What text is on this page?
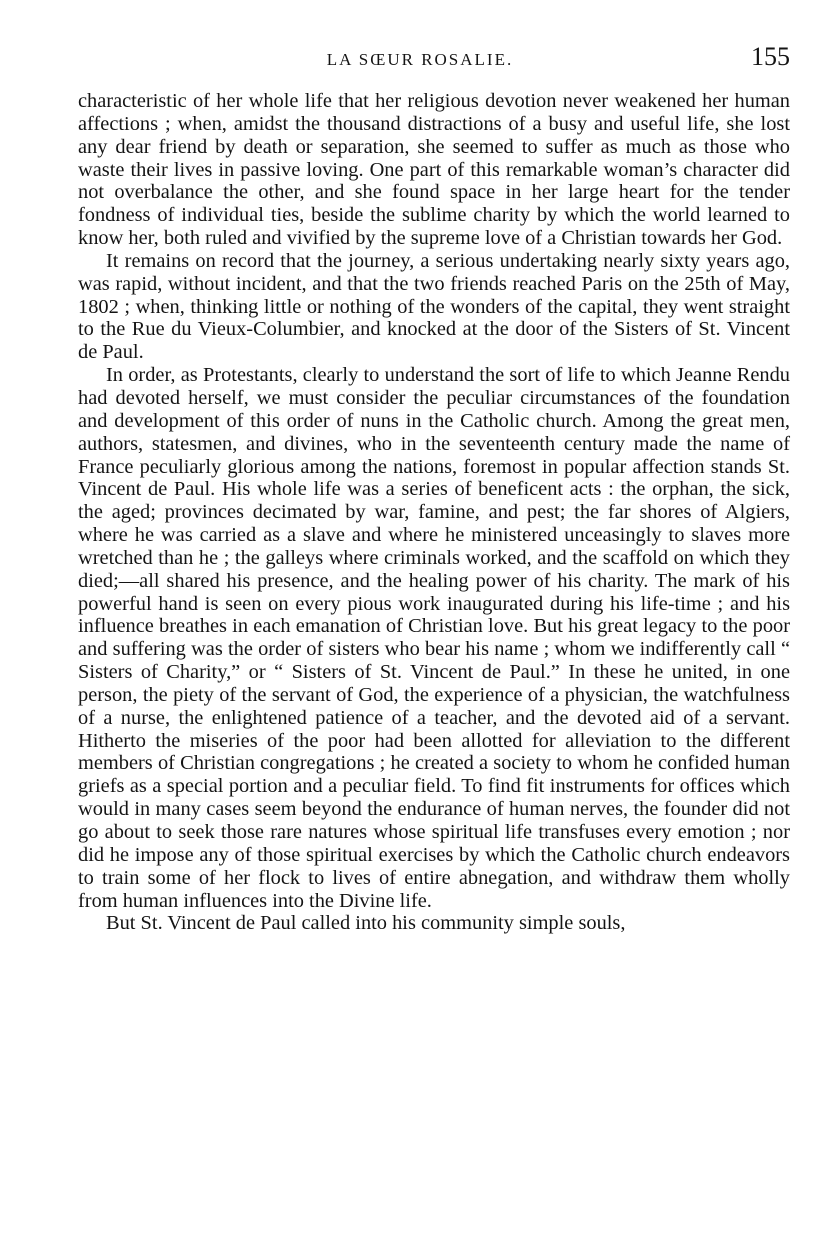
LA SŒUR ROSALIE.	155

characteristic of her whole life that her religious devotion never weakened her human affections ; when, amidst the thousand distractions of a busy and useful life, she lost any dear friend by death or separation, she seemed to suffer as much as those who waste their lives in passive loving. One part of this remarkable woman’s character did not overbalance the other, and she found space in her large heart for the tender fondness of individual ties, beside the sublime charity by which the world learned to know her, both ruled and vivified by the supreme love of a Christian towards her God.

It remains on record that the journey, a serious undertaking nearly sixty years ago, was rapid, without incident, and that the two friends reached Paris on the 25th of May, 1802 ; when, thinking little or nothing of the wonders of the capital, they went straight to the Rue du Vieux-Columbier, and knocked at the door of the Sisters of St. Vincent de Paul.

In order, as Protestants, clearly to understand the sort of life to which Jeanne Rendu had devoted herself, we must consider the peculiar circumstances of the foundation and development of this order of nuns in the Catholic church. Among the great men, authors, statesmen, and divines, who in the seventeenth century made the name of France peculiarly glorious among the nations, foremost in popular affection stands St. Vincent de Paul. His whole life was a series of beneficent acts : the orphan, the sick, the aged; provinces decimated by war, famine, and pest; the far shores of Algiers, where he was carried as a slave and where he ministered unceasingly to slaves more wretched than he ; the galleys where criminals worked, and the scaffold on which they died;—all shared his presence, and the healing power of his charity. The mark of his powerful hand is seen on every pious work inaugurated during his life-time ; and his influence breathes in each emanation of Christian love. But his great legacy to the poor and suffering was the order of sisters who bear his name ; whom we indifferently call “ Sisters of Charity,” or “ Sisters of St. Vincent de Paul.” In these he united, in one person, the piety of the servant of God, the experience of a physician, the watchfulness of a nurse, the enlightened patience of a teacher, and the devoted aid of a servant. Hitherto the miseries of the poor had been allotted for alleviation to the different members of Christian congregations ; he created a society to whom he confided human griefs as a special portion and a peculiar field. To find fit instruments for offices which would in many cases seem beyond the endurance of human nerves, the founder did not go about to seek those rare natures whose spiritual life transfuses every emotion ; nor did he impose any of those spiritual exercises by which the Catholic church endeavors to train some of her flock to lives of entire abnegation, and withdraw them wholly from human influences into the Divine life.

But St. Vincent de Paul called into his community simple souls,
